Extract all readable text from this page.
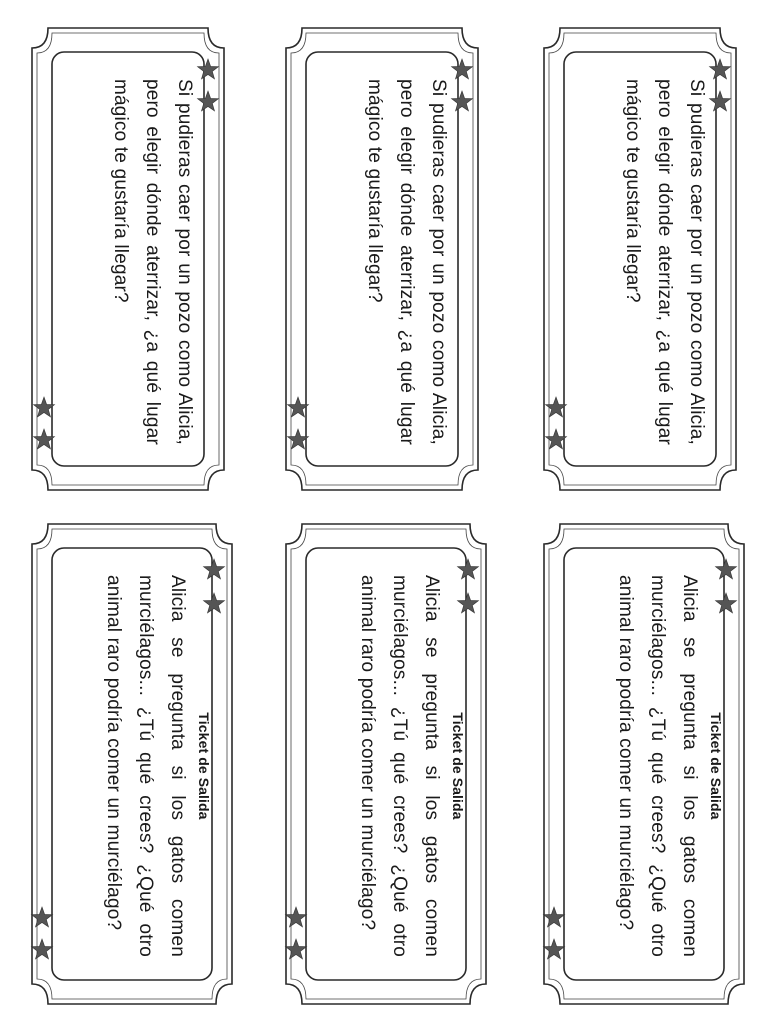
Si pudieras caer por un pozo como Alicia, pero elegir dónde aterrizar, ¿a qué lugar mágico te gustaría llegar?	Si pudieras caer por un pozo como Alicia, pero elegir dónde aterrizar, ¿a qué lugar mágico te gustaría llegar?	Si pudieras caer por un pozo como Alicia, pero elegir dónde aterrizar, ¿a qué lugar mágico te gustaría llegar?
Ticket de Salida
Alicia se pregunta si los gatos comen murciélagos... ¿Tú qué crees? ¿Qué otro animal raro podría comer un murciélago?	Ticket de Salida
Alicia se pregunta si los gatos comen murciélagos... ¿Tú qué crees? ¿Qué otro animal raro podría comer un murciélago?	Ticket de Salida
Alicia se pregunta si los gatos comen murciélagos... ¿Tú qué crees? ¿Qué otro animal raro podría comer un murciélago?
